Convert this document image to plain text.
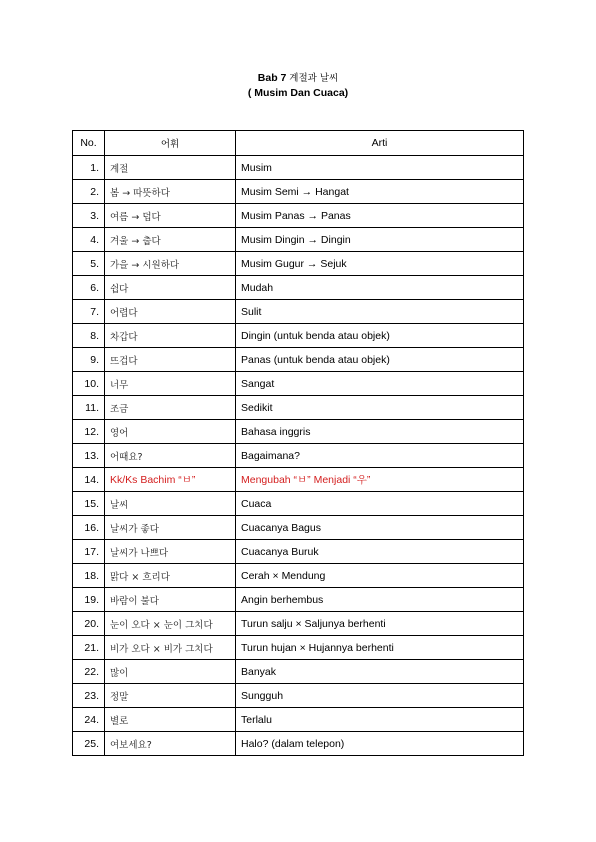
Bab 7 계절과 날씨
( Musim Dan Cuaca)
No.	어휘	Arti
1.	계절	Musim
2.	봄 → 따뜻하다	Musim Semi → Hangat
3.	여름 → 덥다	Musim Panas → Panas
4.	겨울 → 춥다	Musim Dingin → Dingin
5.	가을 → 시원하다	Musim Gugur → Sejuk
6.	쉽다	Mudah
7.	어렵다	Sulit
8.	차갑다	Dingin (untuk benda atau objek)
9.	뜨겁다	Panas (untuk benda atau objek)
10.	너무	Sangat
11.	조금	Sedikit
12.	영어	Bahasa inggris
13.	어때요?	Bagaimana?
14.	Kk/Ks Bachim “ㅂ”	Mengubah “ㅂ” Menjadi “우”
15.	날씨	Cuaca
16.	날씨가 좋다	Cuacanya Bagus
17.	날씨가 나쁘다	Cuacanya Buruk
18.	맑다 × 흐리다	Cerah × Mendung
19.	바람이 불다	Angin berhembus
20.	눈이 오다 × 눈이 그치다	Turun salju × Saljunya berhenti
21.	비가 오다 × 비가 그치다	Turun hujan × Hujannya berhenti
22.	많이	Banyak
23.	정말	Sungguh
24.	별로	Terlalu
25.	여보세요?	Halo? (dalam telepon)
